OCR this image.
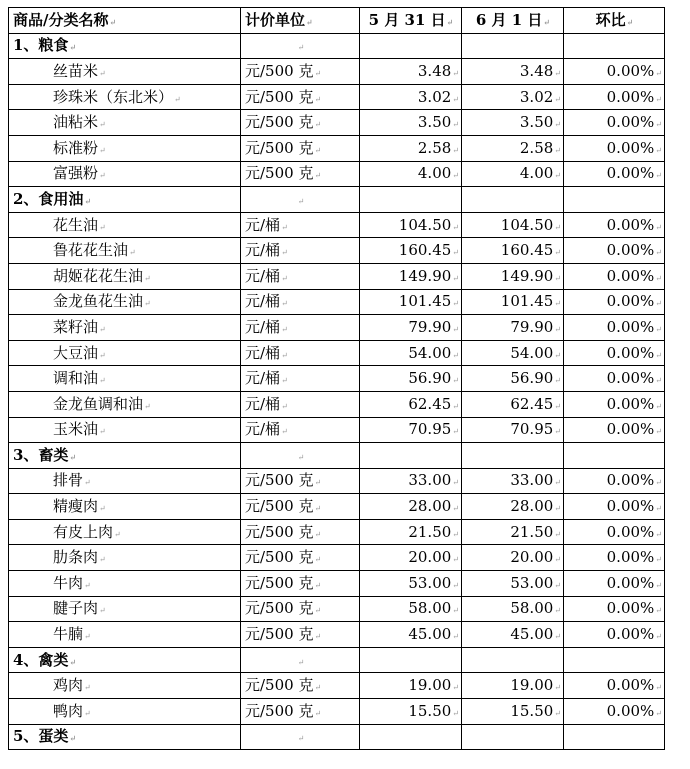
商品/分类名称↵	计价单位↵	5 月 31 日↵	6 月 1 日↵	环比↵
1、粮食↵	↵			
丝苗米↵	元/500 克↵	3.48↵	3.48↵	0.00%↵
珍珠米（东北米）↵	元/500 克↵	3.02↵	3.02↵	0.00%↵
油粘米↵	元/500 克↵	3.50↵	3.50↵	0.00%↵
标准粉↵	元/500 克↵	2.58↵	2.58↵	0.00%↵
富强粉↵	元/500 克↵	4.00↵	4.00↵	0.00%↵
2、食用油↵	↵			
花生油↵	元/桶↵	104.50↵	104.50↵	0.00%↵
鲁花花生油↵	元/桶↵	160.45↵	160.45↵	0.00%↵
胡姬花花生油↵	元/桶↵	149.90↵	149.90↵	0.00%↵
金龙鱼花生油↵	元/桶↵	101.45↵	101.45↵	0.00%↵
菜籽油↵	元/桶↵	79.90↵	79.90↵	0.00%↵
大豆油↵	元/桶↵	54.00↵	54.00↵	0.00%↵
调和油↵	元/桶↵	56.90↵	56.90↵	0.00%↵
金龙鱼调和油↵	元/桶↵	62.45↵	62.45↵	0.00%↵
玉米油↵	元/桶↵	70.95↵	70.95↵	0.00%↵
3、畜类↵	↵			
排骨↵	元/500 克↵	33.00↵	33.00↵	0.00%↵
精瘦肉↵	元/500 克↵	28.00↵	28.00↵	0.00%↵
有皮上肉↵	元/500 克↵	21.50↵	21.50↵	0.00%↵
肋条肉↵	元/500 克↵	20.00↵	20.00↵	0.00%↵
牛肉↵	元/500 克↵	53.00↵	53.00↵	0.00%↵
腱子肉↵	元/500 克↵	58.00↵	58.00↵	0.00%↵
牛腩↵	元/500 克↵	45.00↵	45.00↵	0.00%↵
4、禽类↵	↵			
鸡肉↵	元/500 克↵	19.00↵	19.00↵	0.00%↵
鸭肉↵	元/500 克↵	15.50↵	15.50↵	0.00%↵
5、蛋类↵	↵			
